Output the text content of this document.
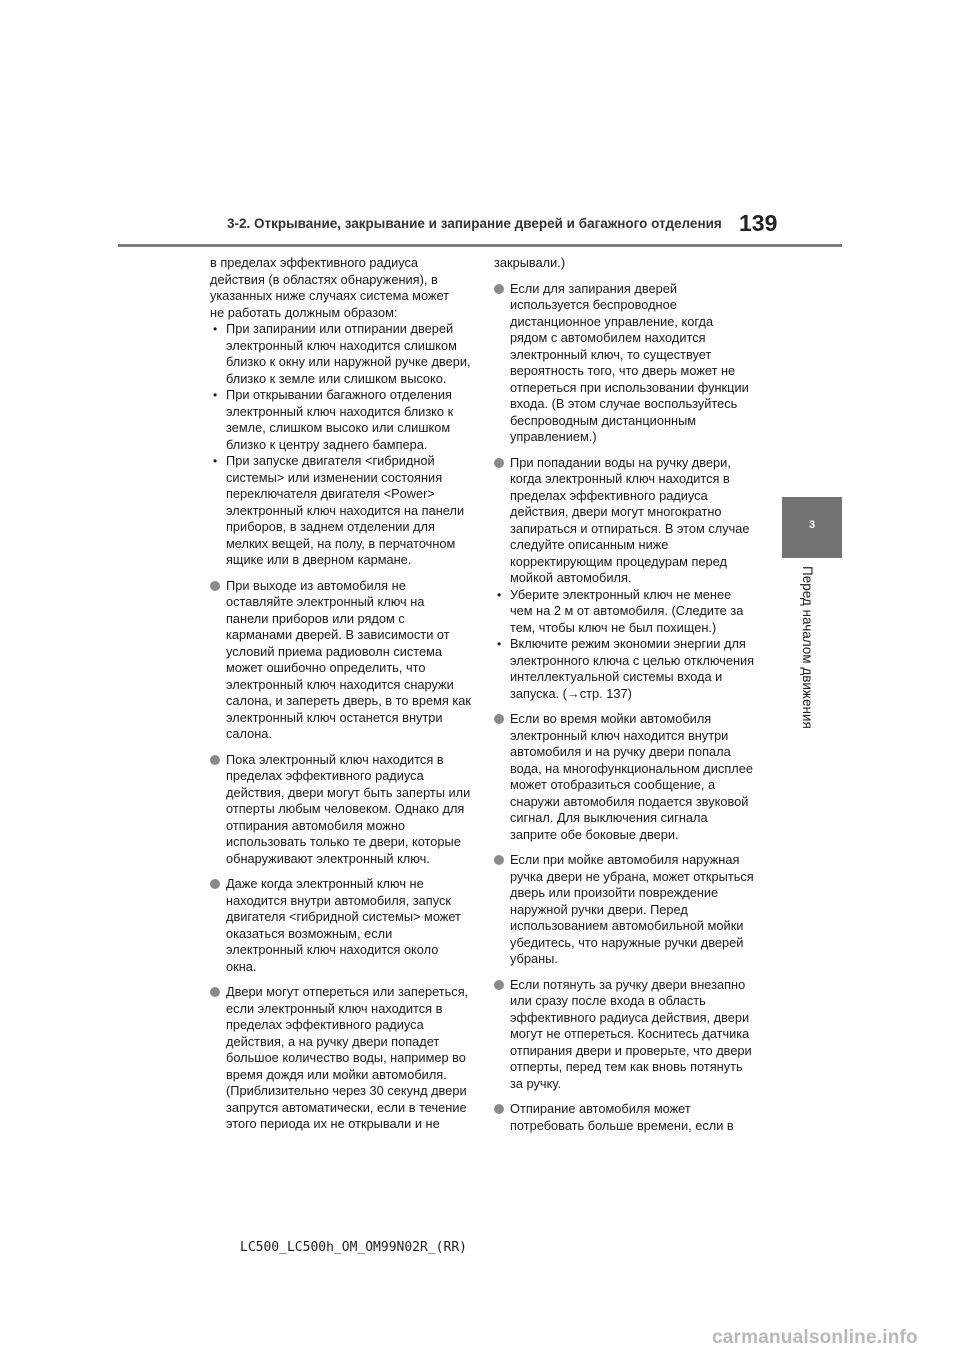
3-2. Открывание, закрывание и запирание дверей и багажного отделения 139
3
Перед началом движения
в пределах эффективного радиуса
действия (в областях обнаружения), в
указанных ниже случаях система может
не работать должным образом:
• При запирании или отпирании дверей
электронный ключ находится слишком
близко к окну или наружной ручке двери,
близко к земле или слишком высоко.
• При открывании багажного отделения
электронный ключ находится близко к
земле, слишком высоко или слишком
близко к центру заднего бампера.
• При запуске двигателя <гибридной
системы> или изменении состояния
переключателя двигателя <Power>
электронный ключ находится на панели
приборов, в заднем отделении для
мелких вещей, на полу, в перчаточном
ящике или в дверном кармане.
При выходе из автомобиля не
оставляйте электронный ключ на
панели приборов или рядом с
карманами дверей. В зависимости от
условий приема радиоволн система
может ошибочно определить, что
электронный ключ находится снаружи
салона, и запереть дверь, в то время как
электронный ключ останется внутри
салона.
Пока электронный ключ находится в
пределах эффективного радиуса
действия, двери могут быть заперты или
отперты любым человеком. Однако для
отпирания автомобиля можно
использовать только те двери, которые
обнаруживают электронный ключ.
Даже когда электронный ключ не
находится внутри автомобиля, запуск
двигателя <гибридной системы> может
оказаться возможным, если
электронный ключ находится около
окна.
Двери могут отпереться или запереться,
если электронный ключ находится в
пределах эффективного радиуса
действия, а на ручку двери попадет
большое количество воды, например во
время дождя или мойки автомобиля.
(Приблизительно через 30 секунд двери
запрутся автоматически, если в течение
этого периода их не открывали и не
закрывали.)
Если для запирания дверей
используется беспроводное
дистанционное управление, когда
рядом с автомобилем находится
электронный ключ, то существует
вероятность того, что дверь может не
отпереться при использовании функции
входа. (В этом случае воспользуйтесь
беспроводным дистанционным
управлением.)
При попадании воды на ручку двери,
когда электронный ключ находится в
пределах эффективного радиуса
действия, двери могут многократно
запираться и отпираться. В этом случае
следуйте описанным ниже
корректирующим процедурам перед
мойкой автомобиля.
• Уберите электронный ключ не менее
чем на 2 м от автомобиля. (Следите за
тем, чтобы ключ не был похищен.)
• Включите режим экономии энергии для
электронного ключа с целью отключения
интеллектуальной системы входа и
запуска. (→стр. 137)
Если во время мойки автомобиля
электронный ключ находится внутри
автомобиля и на ручку двери попала
вода, на многофункциональном дисплее
может отобразиться сообщение, а
снаружи автомобиля подается звуковой
сигнал. Для выключения сигнала
заприте обе боковые двери.
Если при мойке автомобиля наружная
ручка двери не убрана, может открыться
дверь или произойти повреждение
наружной ручки двери. Перед
использованием автомобильной мойки
убедитесь, что наружные ручки дверей
убраны.
Если потянуть за ручку двери внезапно
или сразу после входа в область
эффективного радиуса действия, двери
могут не отпереться. Коснитесь датчика
отпирания двери и проверьте, что двери
отперты, перед тем как вновь потянуть
за ручку.
Отпирание автомобиля может
потребовать больше времени, если в
LC500_LC500h_OM_OM99N02R_(RR)
carmanualsonline.info
